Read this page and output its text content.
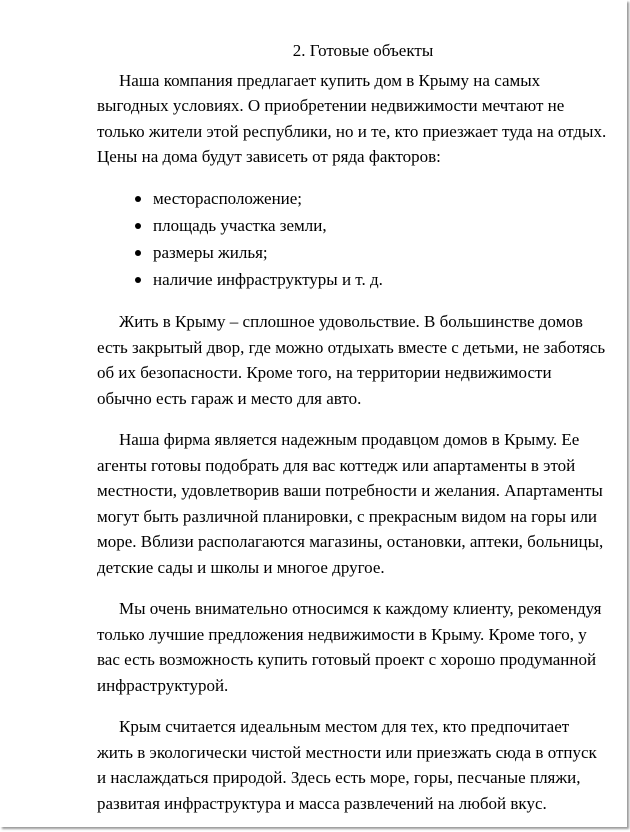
2. Готовые объекты

Наша компания предлагает купить дом в Крыму на самых выгодных условиях. О приобретении недвижимости мечтают не только жители этой республики, но и те, кто приезжает туда на отдых. Цены на дома будут зависеть от ряда факторов:

месторасположение;
площадь участка земли,
размеры жилья;
наличие инфраструктуры и т. д.

Жить в Крыму – сплошное удовольствие. В большинстве домов есть закрытый двор, где можно отдыхать вместе с детьми, не заботясь об их безопасности. Кроме того, на территории недвижимости обычно есть гараж и место для авто.

Наша фирма является надежным продавцом домов в Крыму. Ее агенты готовы подобрать для вас коттедж или апартаменты в этой местности, удовлетворив ваши потребности и желания. Апартаменты могут быть различной планировки, с прекрасным видом на горы или море. Вблизи располагаются магазины, остановки, аптеки, больницы, детские сады и школы и многое другое.

Мы очень внимательно относимся к каждому клиенту, рекомендуя только лучшие предложения недвижимости в Крыму. Кроме того, у вас есть возможность купить готовый проект с хорошо продуманной инфраструктурой.

Крым считается идеальным местом для тех, кто предпочитает жить в экологически чистой местности или приезжать сюда в отпуск и наслаждаться природой. Здесь есть море, горы, песчаные пляжи, развитая инфраструктура и масса развлечений на любой вкус.
